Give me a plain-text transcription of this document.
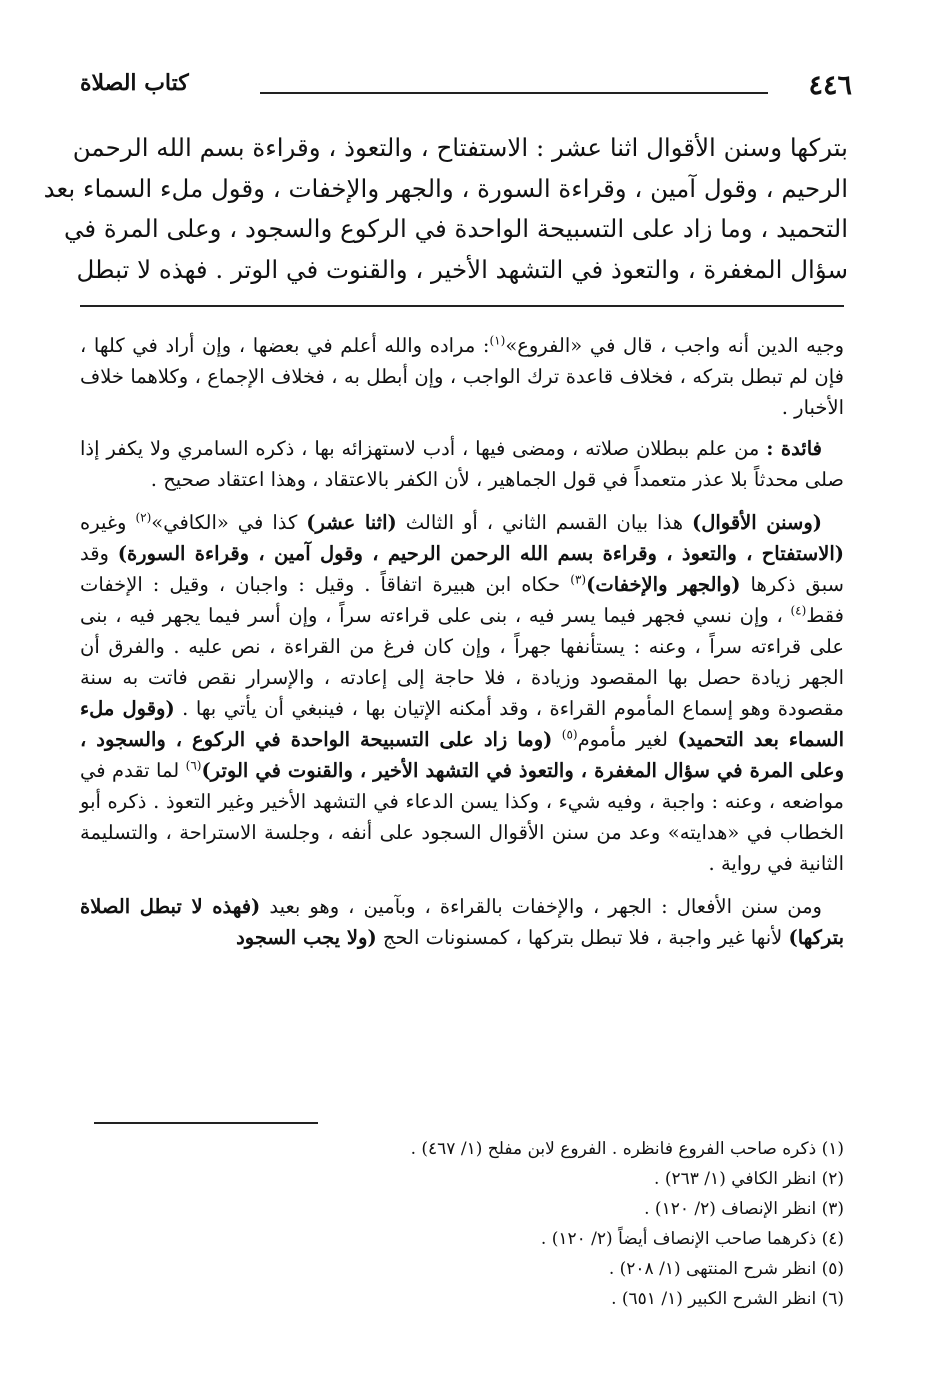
٤٤٦
كتاب الصلاة
بتركها وسنن الأقوال اثنا عشر : الاستفتاح ، والتعوذ ، وقراءة بسم الله الرحمن
الرحيم ، وقول آمين ، وقراءة السورة ، والجهر والإخفات ، وقول ملء السماء بعد
التحميد ، وما زاد على التسبيحة الواحدة في الركوع والسجود ، وعلى المرة في
سؤال المغفرة ، والتعوذ في التشهد الأخير ، والقنوت في الوتر . فهذه لا تبطل

وجيه الدين أنه واجب ، قال في «الفروع»$^{(١)}$: مراده والله أعلم في بعضها ، وإن أراد في كلها ، فإن لم تبطل بتركه ، فخلاف قاعدة ترك الواجب ، وإن أبطل به ، فخلاف الإجماع ، وكلاهما خلاف الأخبار .

فائدة : من علم ببطلان صلاته ، ومضى فيها ، أدب لاستهزائه بها ، ذكره السامري ولا يكفر إذا صلى محدثاً بلا عذر متعمداً في قول الجماهير ، لأن الكفر بالاعتقاد ، وهذا اعتقاد صحيح .

(وسنن الأقوال) هذا بيان القسم الثاني ، أو الثالث (اثنا عشر) كذا في «الكافي»$^{(٢)}$ وغيره (الاستفتاح ، والتعوذ ، وقراءة بسم الله الرحمن الرحيم ، وقول آمين ، وقراءة السورة) وقد سبق ذكرها (والجهر والإخفات)$^{(٣)}$ حكاه ابن هبيرة اتفاقاً . وقيل : واجبان ، وقيل : الإخفات فقط$^{(٤)}$ ، وإن نسي فجهر فيما يسر فيه ، بنى على قراءته سراً ، وإن أسر فيما يجهر فيه ، بنى على قراءته سراً ، وعنه : يستأنفها جهراً ، وإن كان فرغ من القراءة ، نص عليه . والفرق أن الجهر زيادة حصل بها المقصود وزيادة ، فلا حاجة إلى إعادته ، والإسرار نقص فاتت به سنة مقصودة وهو إسماع المأموم القراءة ، وقد أمكنه الإتيان بها ، فينبغي أن يأتي بها . (وقول ملء السماء بعد التحميد) لغير مأموم$^{(٥)}$ (وما زاد على التسبيحة الواحدة في الركوع ، والسجود ، وعلى المرة في سؤال المغفرة ، والتعوذ في التشهد الأخير ، والقنوت في الوتر)$^{(٦)}$ لما تقدم في مواضعه ، وعنه : واجبة ، وفيه شيء ، وكذا يسن الدعاء في التشهد الأخير وغير التعوذ . ذكره أبو الخطاب في «هدايته» وعد من سنن الأقوال السجود على أنفه ، وجلسة الاستراحة ، والتسليمة الثانية في رواية .

ومن سنن الأفعال : الجهر ، والإخفات بالقراءة ، وبآمين ، وهو بعيد (فهذه لا تبطل الصلاة بتركها) لأنها غير واجبة ، فلا تبطل بتركها ، كمسنونات الحج (ولا يجب السجود

(١) ذكره صاحب الفروع فانظره . الفروع لابن مفلح (١/ ٤٦٧) .
(٢) انظر الكافي (١/ ٢٦٣) .
(٣) انظر الإنصاف (٢/ ١٢٠) .
(٤) ذكرهما صاحب الإنصاف أيضاً (٢/ ١٢٠) .
(٥) انظر شرح المنتهى (١/ ٢٠٨) .
(٦) انظر الشرح الكبير (١/ ٦٥١) .
